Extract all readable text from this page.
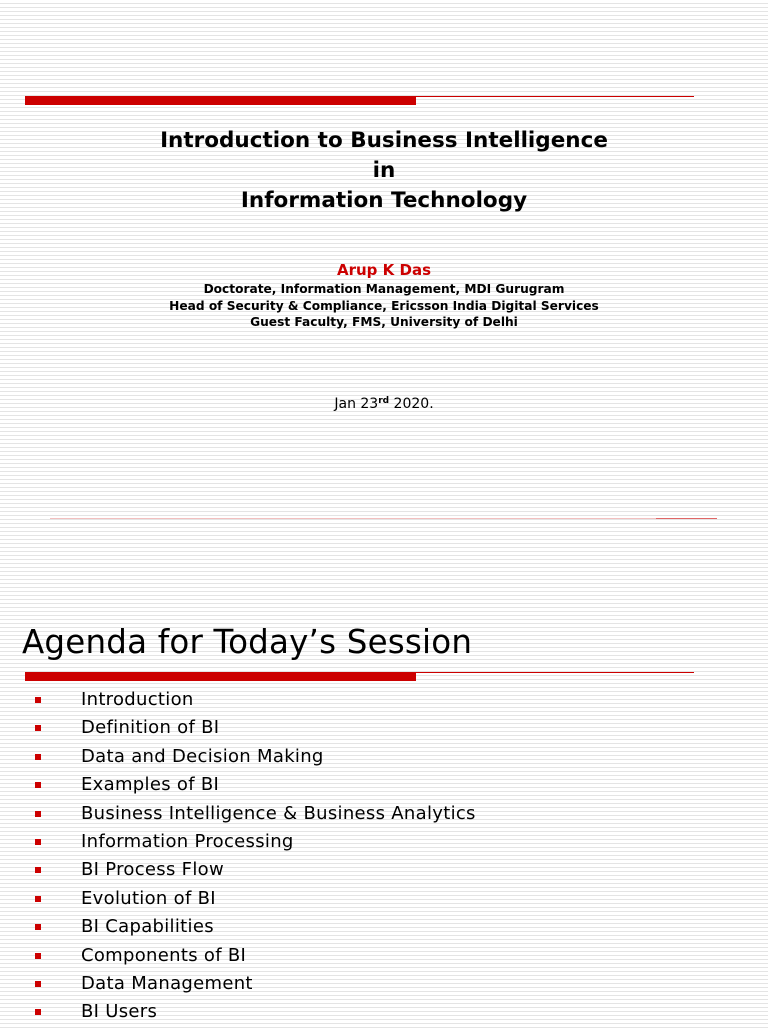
Introduction to Business Intelligence
in
Information Technology
Arup K Das
Doctorate, Information Management, MDI Gurugram
Head of Security & Compliance, Ericsson India Digital Services
Guest Faculty, FMS, University of Delhi
Jan 23rd 2020.
Agenda for Today’s Session
Introduction
Definition of BI
Data and Decision Making
Examples of BI
Business Intelligence & Business Analytics
Information Processing
BI Process Flow
Evolution of BI
BI Capabilities
Components of BI
Data Management
BI Users
